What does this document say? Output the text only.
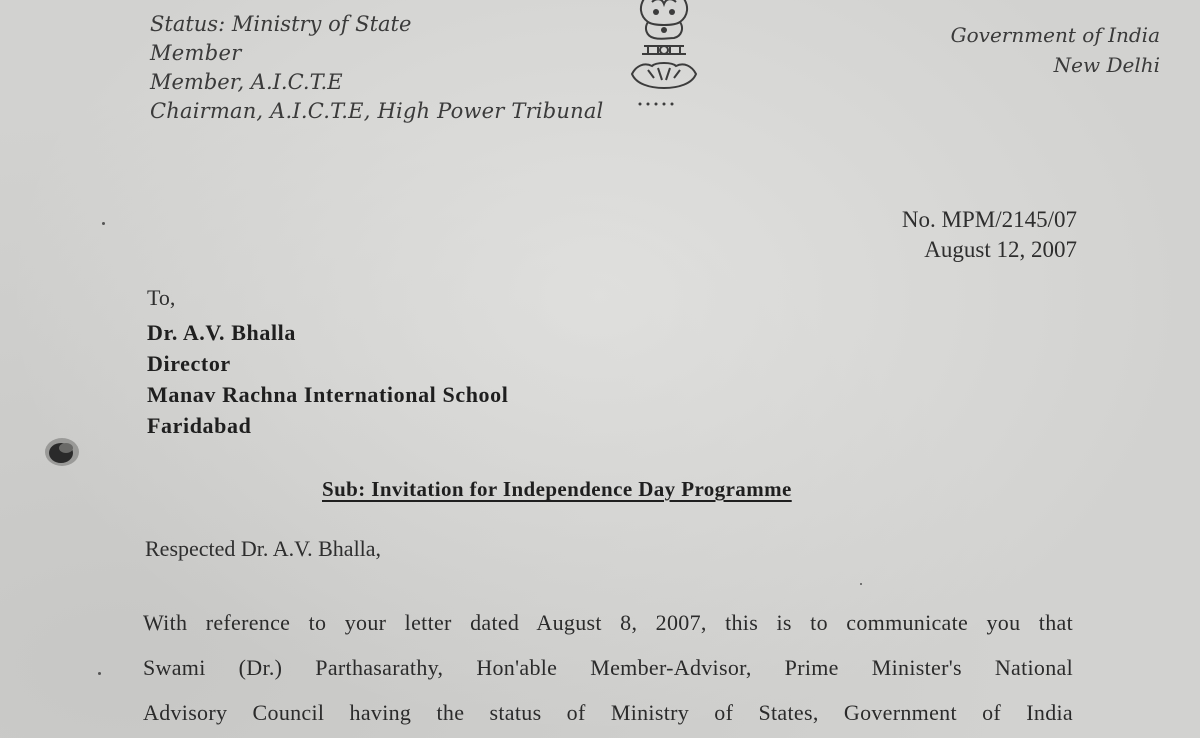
Status: Ministry of State
Member
Member, A.I.C.T.E
Chairman, A.I.C.T.E, High Power Tribunal
Government of India
New Delhi
No. MPM/2145/07
August 12, 2007
To,
Dr. A.V. Bhalla
Director
Manav Rachna International School
Faridabad
Sub: Invitation for Independence Day Programme
Respected Dr. A.V. Bhalla,
With reference to your letter dated August 8, 2007, this is to communicate you that
Swami (Dr.) Parthasarathy, Hon'able Member-Advisor, Prime Minister's National
Advisory Council having the status of Ministry of States, Government of India
